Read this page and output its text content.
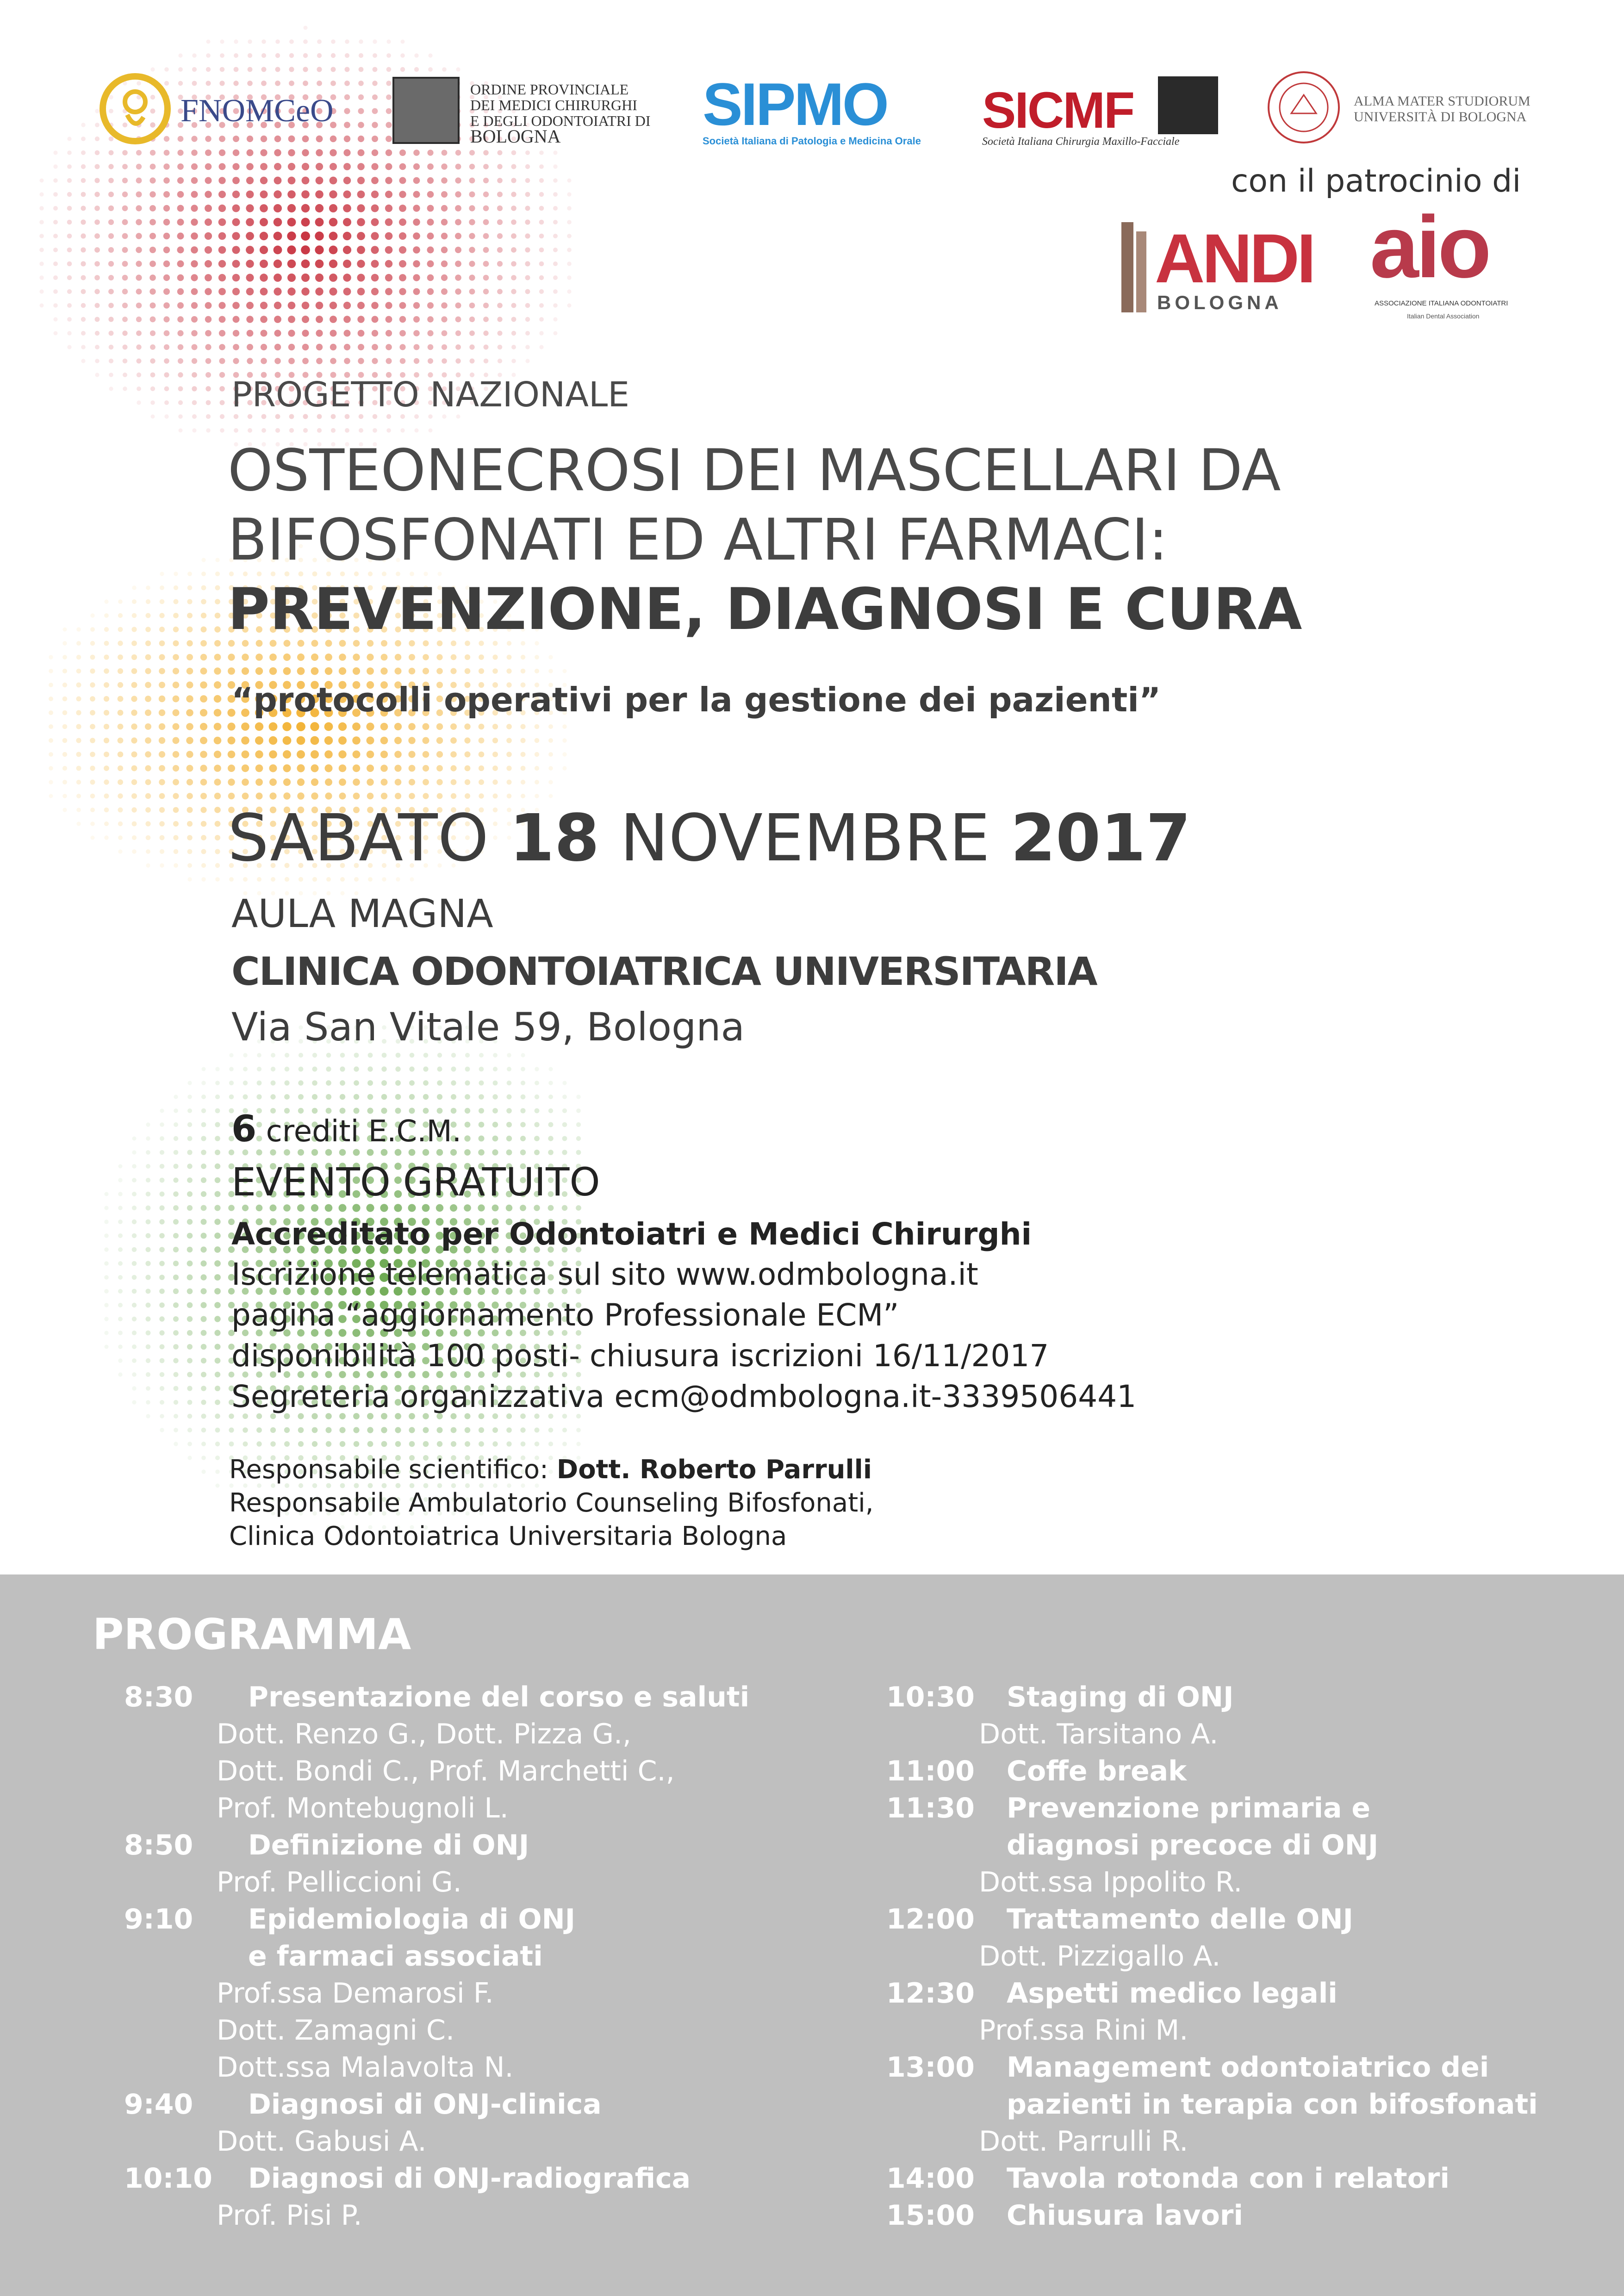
FNOMCeO
ORDINE PROVINCIALE
DEI MEDICI CHIRURGHI
E DEGLI ODONTOIATRI DI
BOLOGNA	SIPMO
Società Italiana di Patologia e Medicina Orale
SICMF
Società Italiana Chirurgia Maxillo-Facciale
ALMA MATER STUDIORUM
UNIVERSITÀ DI BOLOGNA
con il patrocinio di
ANDI
BOLOGNA
aio
ASSOCIAZIONE ITALIANA ODONTOIATRI
Italian Dental Association
PROGETTO NAZIONALE
OSTEONECROSI DEI MASCELLARI DA
BIFOSFONATI ED ALTRI FARMACI:
PREVENZIONE, DIAGNOSI E CURA
“protocolli operativi per la gestione dei pazienti”
SABATO 18 NOVEMBRE 2017
AULA MAGNA
CLINICA ODONTOIATRICA UNIVERSITARIA
Via San Vitale 59, Bologna
6 crediti E.C.M.
EVENTO GRATUITO
Accreditato per Odontoiatri e Medici Chirurghi
Iscrizione telematica sul sito www.odmbologna.it
pagina “aggiornamento Professionale ECM”
disponibilità 100 posti- chiusura iscrizioni 16/11/2017
Segreteria organizzativa ecm@odmbologna.it-3339506441
Responsabile scientifico: Dott. Roberto Parrulli
Responsabile Ambulatorio Counseling Bifosfonati,
Clinica Odontoiatrica Universitaria Bologna
PROGRAMMA
8:30 Presentazione del corso e saluti
Dott. Renzo G., Dott. Pizza G.,
Dott. Bondi C., Prof. Marchetti C.,
Prof. Montebugnoli L.
8:50 Definizione di ONJ
Prof. Pelliccioni G.
9:10 Epidemiologia di ONJ
e farmaci associati
Prof.ssa Demarosi F.
Dott. Zamagni C.
Dott.ssa Malavolta N.
9:40 Diagnosi di ONJ-clinica
Dott. Gabusi A.
10:10 Diagnosi di ONJ-radiografica
Prof. Pisi P.
10:30 Staging di ONJ
Dott. Tarsitano A.
11:00 Coffe break
11:30 Prevenzione primaria e
diagnosi precoce di ONJ
Dott.ssa Ippolito R.
12:00 Trattamento delle ONJ
Dott. Pizzigallo A.
12:30 Aspetti medico legali
Prof.ssa Rini M.
13:00 Management odontoiatrico dei
pazienti in terapia con bifosfonati
Dott. Parrulli R.
14:00 Tavola rotonda con i relatori
15:00 Chiusura lavori
